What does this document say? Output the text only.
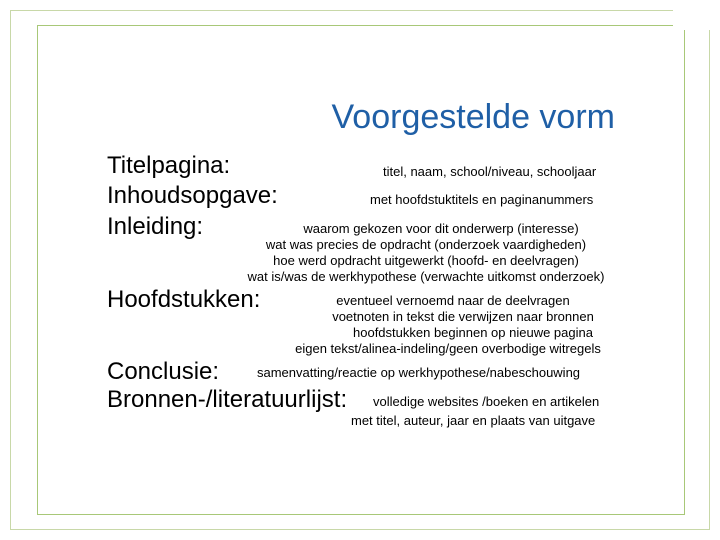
Voorgestelde vorm
Titelpagina:	titel, naam, school/niveau, schooljaar
Inhoudsopgave:	met hoofdstuktitels en paginanummers
Inleiding:	waarom gekozen voor dit onderwerp (interesse)
wat was precies de opdracht (onderzoek vaardigheden)
hoe werd opdracht uitgewerkt (hoofd- en deelvragen)
wat is/was de werkhypothese (verwachte uitkomst onderzoek)
Hoofdstukken:	eventueel vernoemd naar de deelvragen
voetnoten in tekst die verwijzen naar bronnen
hoofdstukken beginnen op nieuwe pagina
eigen tekst/alinea-indeling/geen overbodige witregels
Conclusie:	samenvatting/reactie op werkhypothese/nabeschouwing
Bronnen-/literatuurlijst: volledige websites /boeken en artikelen
met titel, auteur, jaar en plaats van uitgave
